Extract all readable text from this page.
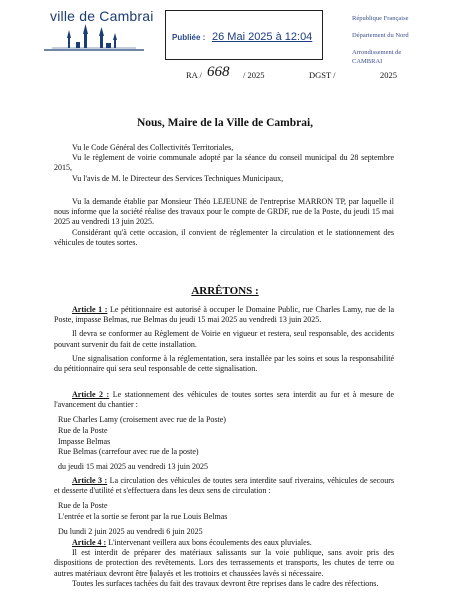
ville de Cambrai
Publiée : 26 Mai 2025 à 12:04
République Française
Département du Nord
Arrondissement de
CAMBRAI
RA / 668 / 2025	DGST /	2025
Nous, Maire de la Ville de Cambrai,

Vu le Code Général des Collectivités Territoriales,

Vu le règlement de voirie communale adopté par la séance du conseil municipal du 28 septembre 2015,

Vu l'avis de M. le Directeur des Services Techniques Municipaux,

Vu la demande établie par Monsieur Théo LEJEUNE de l'entreprise MARRON TP, par laquelle il nous informe que la société réalise des travaux pour le compte de GRDF, rue de la Poste, du jeudi 15 mai 2025 au vendredi 13 juin 2025.

Considérant qu'à cette occasion, il convient de réglementer la circulation et le stationnement des véhicules de toutes sortes.

ARRÊTONS :

Article 1 : Le pétitionnaire est autorisé à occuper le Domaine Public, rue Charles Lamy, rue de la Poste, impasse Belmas, rue Belmas du jeudi 15 mai 2025 au vendredi 13 juin 2025.

Il devra se conformer au Règlement de Voirie en vigueur et restera, seul responsable, des accidents pouvant survenir du fait de cette installation.

Une signalisation conforme à la réglementation, sera installée par les soins et sous la responsabilité du pétitionnaire qui sera seul responsable de cette signalisation.

Article 2 : Le stationnement des véhicules de toutes sortes sera interdit au fur et à mesure de l'avancement du chantier :

Rue Charles Lamy (croisement avec rue de la Poste)
Rue de la Poste
Impasse Belmas
Rue Belmas (carrefour avec rue de la poste)
du jeudi 15 mai 2025 au vendredi 13 juin 2025

Article 3 : La circulation des véhicules de toutes sera interdite sauf riverains, véhicules de secours et desserte d'utilité et s'effectuera dans les deux sens de circulation :

Rue de la Poste
L'entrée et la sortie se feront par la rue Louis Belmas
Du lundi 2 juin 2025 au vendredi 6 juin 2025

Article 4 : L'intervenant veillera aux bons écoulements des eaux pluviales.

Il est interdit de préparer des matériaux salissants sur la voie publique, sans avoir pris des dispositions de protection des revêtements. Lors des terrassements et transports, les chutes de terre ou autres matériaux devront être balayés et les trottoirs et chaussées lavés si nécessaire.

Toutes les surfaces tachées du fait des travaux devront être reprises dans le cadre des réfections.
